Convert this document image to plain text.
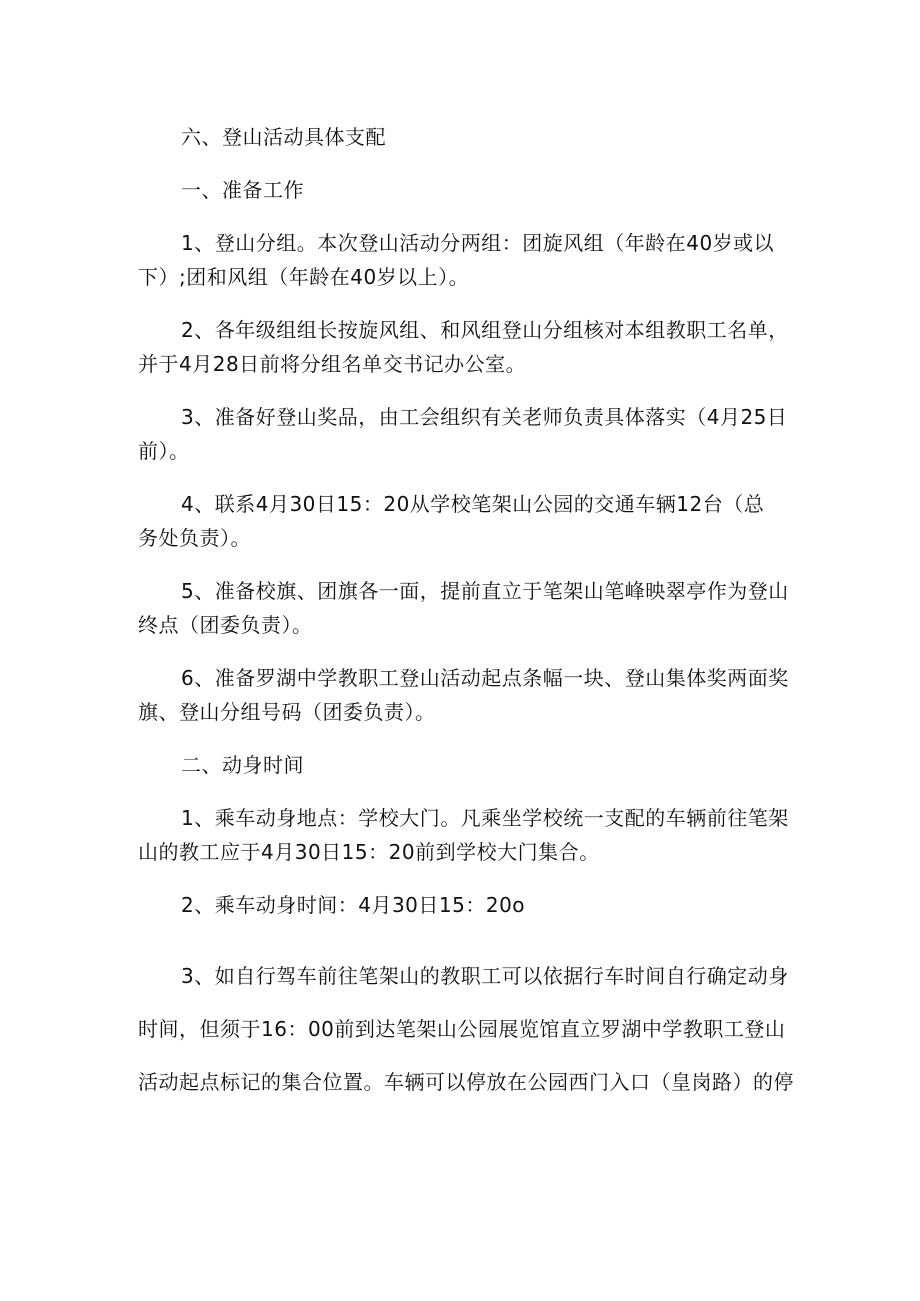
六、登山活动具体支配
一、准备工作
1、登山分组。本次登山活动分两组：团旋风组（年龄在40岁或以
下）;团和风组（年龄在40岁以上）。
2、各年级组组长按旋风组、和风组登山分组核对本组教职工名单，
并于4月28日前将分组名单交书记办公室。
3、准备好登山奖品，由工会组织有关老师负责具体落实（4月25日
前）。
4、联系4月30日15：20从学校笔架山公园的交通车辆12台（总
务处负责）。
5、准备校旗、团旗各一面，提前直立于笔架山笔峰映翠亭作为登山
终点（团委负责）。
6、准备罗湖中学教职工登山活动起点条幅一块、登山集体奖两面奖
旗、登山分组号码（团委负责）。
二、动身时间
1、乘车动身地点：学校大门。凡乘坐学校统一支配的车辆前往笔架
山的教工应于4月30日15：20前到学校大门集合。
2、乘车动身时间：4月30日15：20o
3、如自行驾车前往笔架山的教职工可以依据行车时间自行确定动身
时间，但须于16：00前到达笔架山公园展览馆直立罗湖中学教职工登山
活动起点标记的集合位置。车辆可以停放在公园西门入口（皇岗路）的停
